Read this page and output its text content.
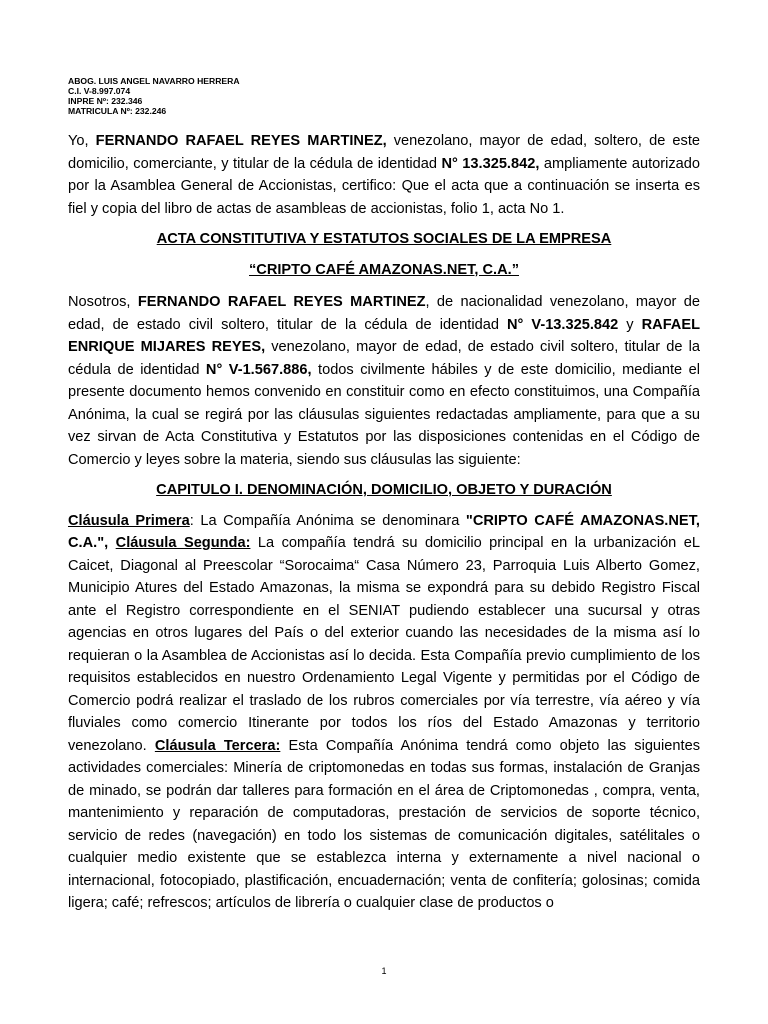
ABOG. LUIS ANGEL NAVARRO HERRERA
C.I. V-8.997.074
INPRE Nº: 232.346
MATRICULA Nº: 232.246

Yo, FERNANDO RAFAEL REYES MARTINEZ, venezolano, mayor de edad, soltero, de este domicilio, comerciante, y titular de la cédula de identidad N° 13.325.842, ampliamente autorizado por la Asamblea General de Accionistas, certifico: Que el acta que a continuación se inserta es fiel y copia del libro de actas de asambleas de accionistas, folio 1, acta No 1.

ACTA CONSTITUTIVA Y ESTATUTOS SOCIALES DE LA EMPRESA
“CRIPTO CAFÉ AMAZONAS.NET, C.A.”

Nosotros, FERNANDO RAFAEL REYES MARTINEZ, de nacionalidad venezolano, mayor de edad, de estado civil soltero, titular de la cédula de identidad N° V-13.325.842 y RAFAEL ENRIQUE MIJARES REYES, venezolano, mayor de edad, de estado civil soltero, titular de la cédula de identidad N° V-1.567.886, todos civilmente hábiles y de este domicilio, mediante el presente documento hemos convenido en constituir como en efecto constituimos, una Compañía Anónima, la cual se regirá por las cláusulas siguientes redactadas ampliamente, para que a su vez sirvan de Acta Constitutiva y Estatutos por las disposiciones contenidas en el Código de Comercio y leyes sobre la materia, siendo sus cláusulas las siguiente:

CAPITULO I. DENOMINACIÓN, DOMICILIO, OBJETO Y DURACIÓN

Cláusula Primera: La Compañía Anónima se denominara "CRIPTO CAFÉ AMAZONAS.NET, C.A.", Cláusula Segunda: La compañía tendrá su domicilio principal en la urbanización eL Caicet, Diagonal al Preescolar “Sorocaima“ Casa Número 23, Parroquia Luis Alberto Gomez, Municipio Atures del Estado Amazonas, la misma se expondrá para su debido Registro Fiscal ante el Registro correspondiente en el SENIAT pudiendo establecer una sucursal y otras agencias en otros lugares del País o del exterior cuando las necesidades de la misma así lo requieran o la Asamblea de Accionistas así lo decida. Esta Compañía previo cumplimiento de los requisitos establecidos en nuestro Ordenamiento Legal Vigente y permitidas por el Código de Comercio podrá realizar el traslado de los rubros comerciales por vía terrestre, vía aéreo y vía fluviales como comercio Itinerante por todos los ríos del Estado Amazonas y territorio venezolano. Cláusula Tercera: Esta Compañía Anónima tendrá como objeto las siguientes actividades comerciales: Minería de criptomonedas en todas sus formas, instalación de Granjas de minado, se podrán dar talleres para formación en el área de Criptomonedas , compra, venta, mantenimiento y reparación de computadoras, prestación de servicios de soporte técnico, servicio de redes (navegación) en todo los sistemas de comunicación digitales, satélitales o cualquier medio existente que se establezca interna y externamente a nivel nacional o internacional, fotocopiado, plastificación, encuadernación; venta de confitería; golosinas; comida ligera; café; refrescos; artículos de librería o cualquier clase de productos o

1
